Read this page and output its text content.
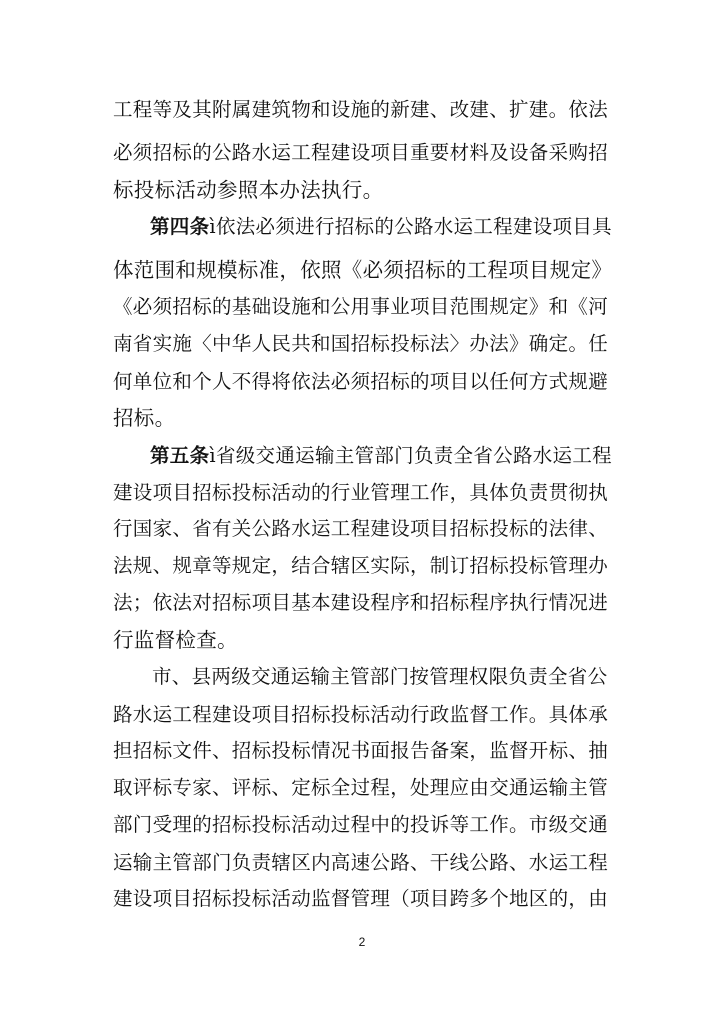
工程等及其附属建筑物和设施的新建、改建、扩建。依法
必须招标的公路水运工程建设项目重要材料及设备采购招
标投标活动参照本办法执行。
第四条ì依法必须进行招标的公路水运工程建设项目具
体范围和规模标准，依照《必须招标的工程项目规定》
《必须招标的基础设施和公用事业项目范围规定》和《河
南省实施〈中华人民共和国招标投标法〉办法》确定。任
何单位和个人不得将依法必须招标的项目以任何方式规避
招标。
第五条ì省级交通运输主管部门负责全省公路水运工程
建设项目招标投标活动的行业管理工作，具体负责贯彻执
行国家、省有关公路水运工程建设项目招标投标的法律、
法规、规章等规定，结合辖区实际，制订招标投标管理办
法；依法对招标项目基本建设程序和招标程序执行情况进
行监督检查。
市、县两级交通运输主管部门按管理权限负责全省公
路水运工程建设项目招标投标活动行政监督工作。具体承
担招标文件、招标投标情况书面报告备案，监督开标、抽
取评标专家、评标、定标全过程，处理应由交通运输主管
部门受理的招标投标活动过程中的投诉等工作。市级交通
运输主管部门负责辖区内高速公路、干线公路、水运工程
建设项目招标投标活动监督管理（项目跨多个地区的，由
2
